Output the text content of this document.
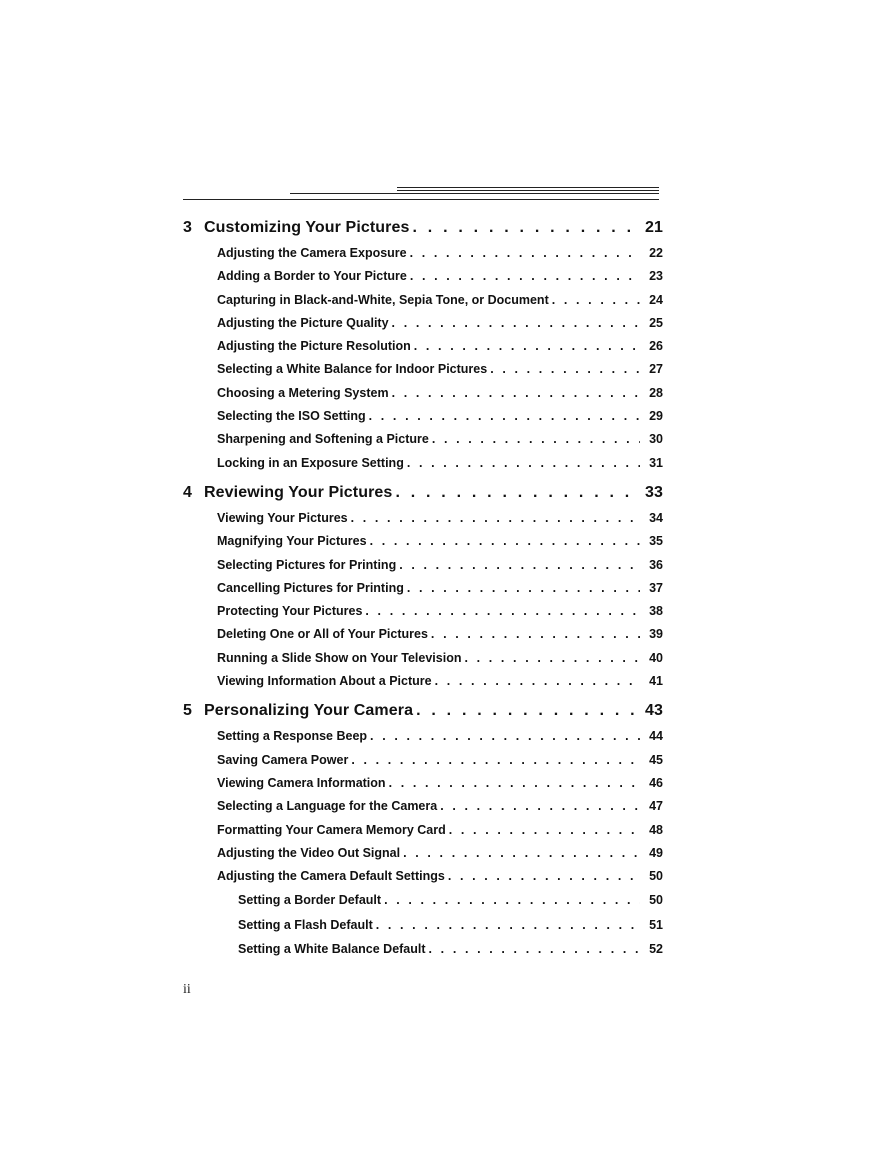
3 Customizing Your Pictures . . .	21
Adjusting the Camera Exposure . . .	22
Adding a Border to Your Picture . . .	23
Capturing in Black-and-White, Sepia Tone, or Document . . .	24
Adjusting the Picture Quality . . .	25
Adjusting the Picture Resolution . . .	26
Selecting a White Balance for Indoor Pictures . . .	27
Choosing a Metering System . . .	28
Selecting the ISO Setting . . .	29
Sharpening and Softening a Picture . . .	30
Locking in an Exposure Setting . . .	31
4 Reviewing Your Pictures . . .	33
Viewing Your Pictures . . .	34
Magnifying Your Pictures . . .	35
Selecting Pictures for Printing . . .	36
Cancelling Pictures for Printing . . .	37
Protecting Your Pictures . . .	38
Deleting One or All of Your Pictures . . .	39
Running a Slide Show on Your Television . . .	40
Viewing Information About a Picture . . .	41
5 Personalizing Your Camera . . .	43
Setting a Response Beep . . .	44
Saving Camera Power . . .	45
Viewing Camera Information . . .	46
Selecting a Language for the Camera . . .	47
Formatting Your Camera Memory Card . . .	48
Adjusting the Video Out Signal . . .	49
Adjusting the Camera Default Settings . . .	50
Setting a Border Default . . .	50
Setting a Flash Default . . .	51
Setting a White Balance Default . . .	52
ii
